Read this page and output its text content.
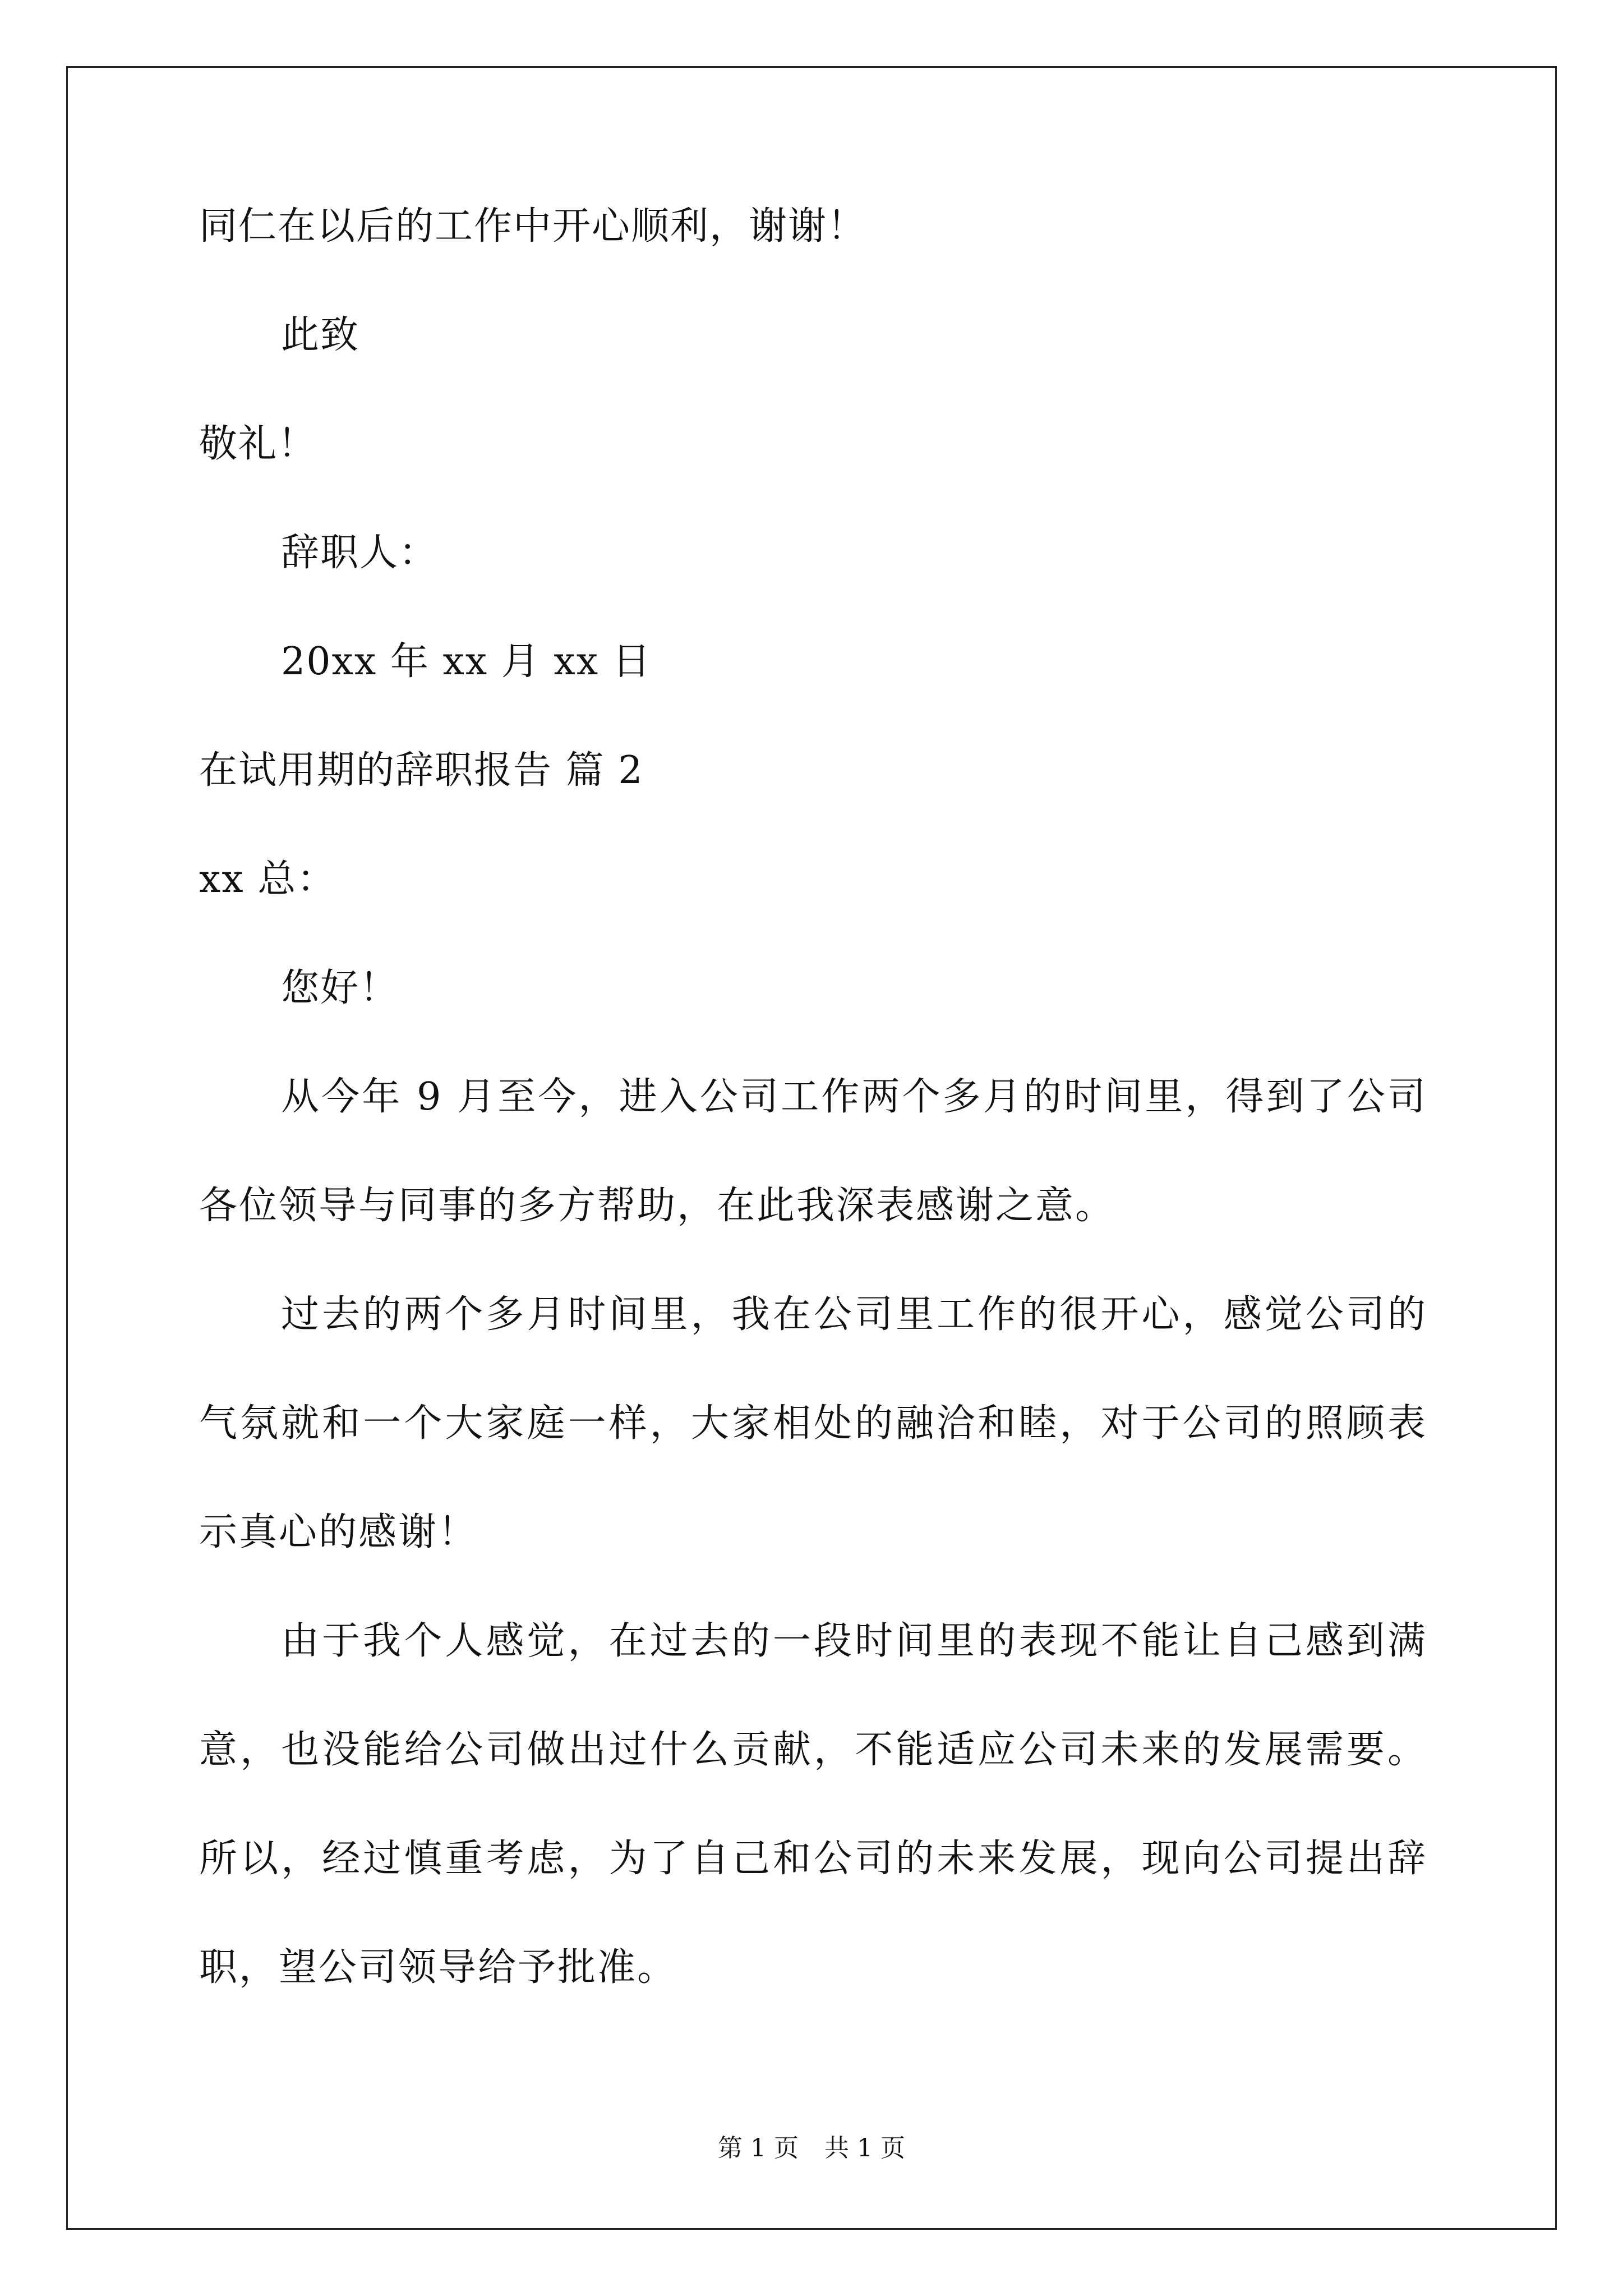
同仁在以后的工作中开心顺利，谢谢！
此致
敬礼！
辞职人：
20xx 年 xx 月 xx 日
在试用期的辞职报告 篇 2
xx 总：
您好！
从今年 9 月至今，进入公司工作两个多月的时间里，得到了公司各位领导与同事的多方帮助，在此我深表感谢之意。
过去的两个多月时间里，我在公司里工作的很开心，感觉公司的气氛就和一个大家庭一样，大家相处的融洽和睦，对于公司的照顾表示真心的感谢！
由于我个人感觉，在过去的一段时间里的表现不能让自己感到满意，也没能给公司做出过什么贡献，不能适应公司未来的发展需要。所以，经过慎重考虑，为了自己和公司的未来发展，现向公司提出辞职，望公司领导给予批准。
第 1 页 共 1 页
